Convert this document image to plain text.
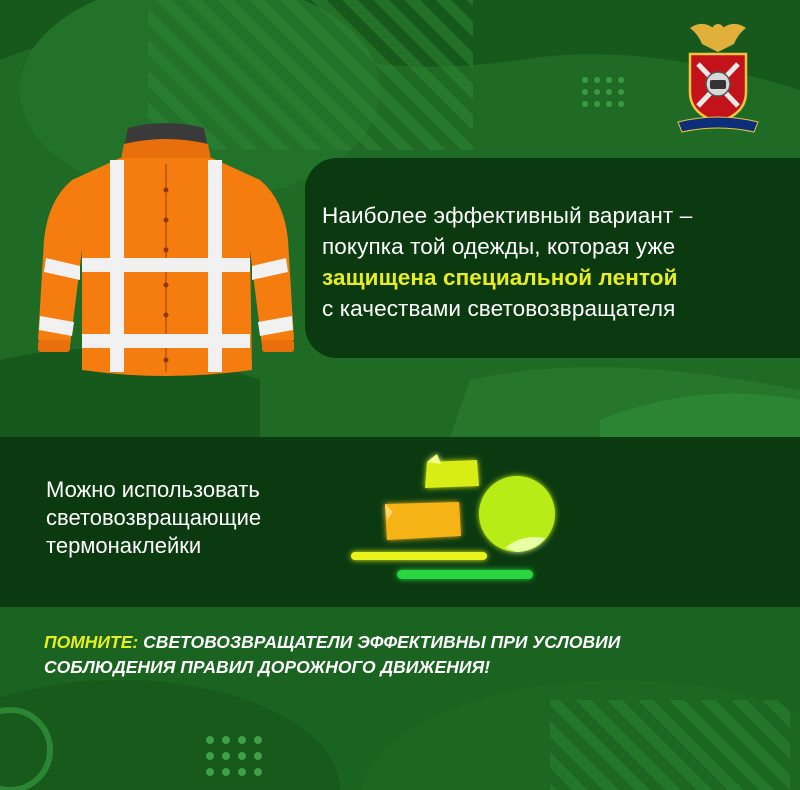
Наиболее эффективный вариант –
покупка той одежды, которая уже
защищена специальной лентой
с качествами световозвращателя
Можно использовать
световозвращающие
термонаклейки
ПОМНИТЕ: СВЕТОВОЗВРАЩАТЕЛИ ЭФФЕКТИВНЫ ПРИ УСЛОВИИ
СОБЛЮДЕНИЯ ПРАВИЛ ДОРОЖНОГО ДВИЖЕНИЯ!
